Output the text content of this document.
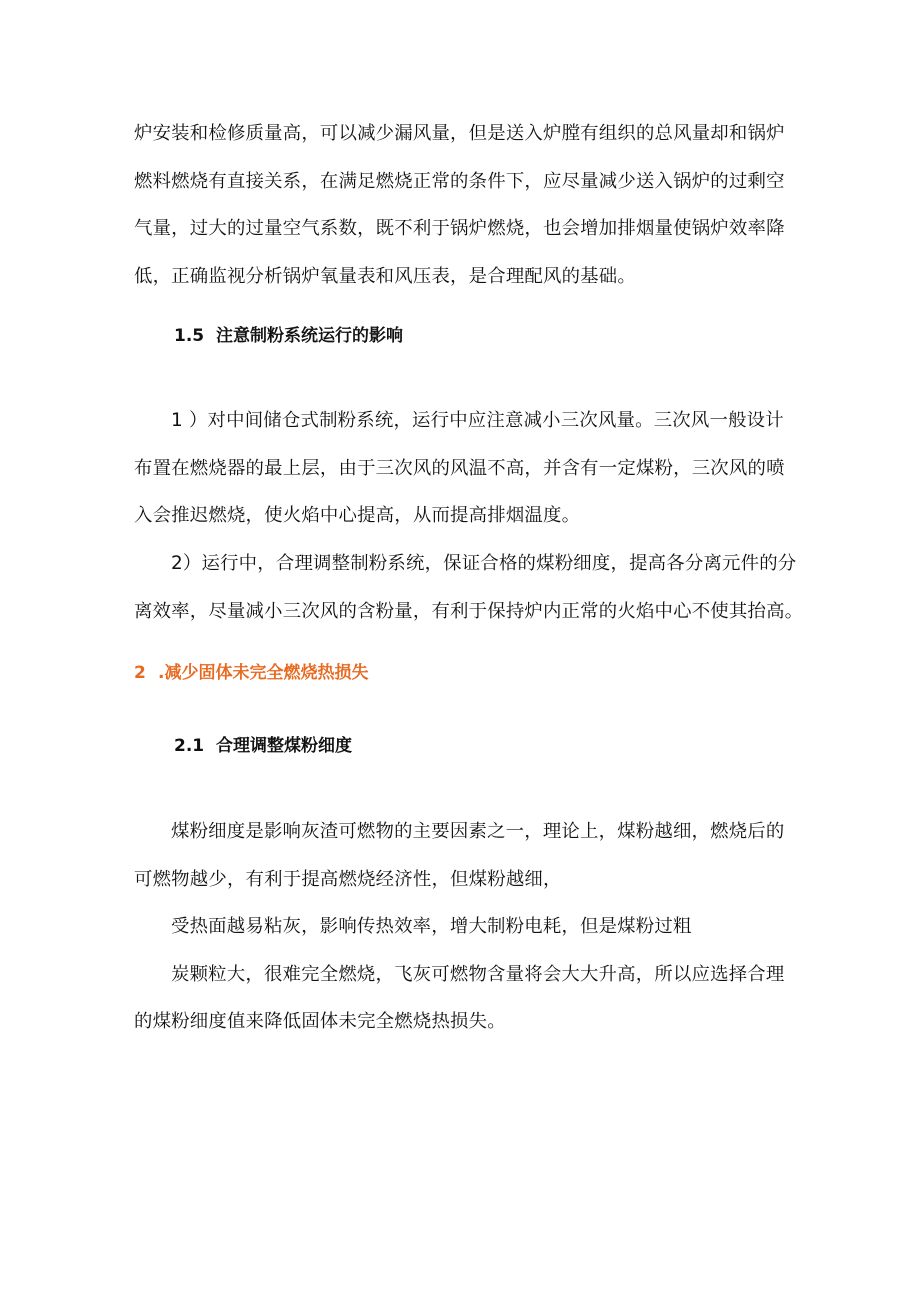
炉安装和检修质量高，可以减少漏风量，但是送入炉膛有组织的总风量却和锅炉
燃料燃烧有直接关系，在满足燃烧正常的条件下，应尽量减少送入锅炉的过剩空
气量，过大的过量空气系数，既不利于锅炉燃烧，也会增加排烟量使锅炉效率降
低，正确监视分析锅炉氧量表和风压表，是合理配风的基础。
1.5 注意制粉系统运行的影响
1 ）对中间储仓式制粉系统，运行中应注意减小三次风量。三次风一般设计
布置在燃烧器的最上层，由于三次风的风温不高，并含有一定煤粉，三次风的喷
入会推迟燃烧，使火焰中心提高，从而提高排烟温度。
2）运行中，合理调整制粉系统，保证合格的煤粉细度，提高各分离元件的分
离效率，尽量减小三次风的含粉量，有利于保持炉内正常的火焰中心不使其抬高。
2 .减少固体未完全燃烧热损失
2.1 合理调整煤粉细度
煤粉细度是影响灰渣可燃物的主要因素之一，理论上，煤粉越细，燃烧后的
可燃物越少，有利于提高燃烧经济性，但煤粉越细，
受热面越易粘灰，影响传热效率，增大制粉电耗，但是煤粉过粗
炭颗粒大，很难完全燃烧，飞灰可燃物含量将会大大升高，所以应选择合理
的煤粉细度值来降低固体未完全燃烧热损失。
